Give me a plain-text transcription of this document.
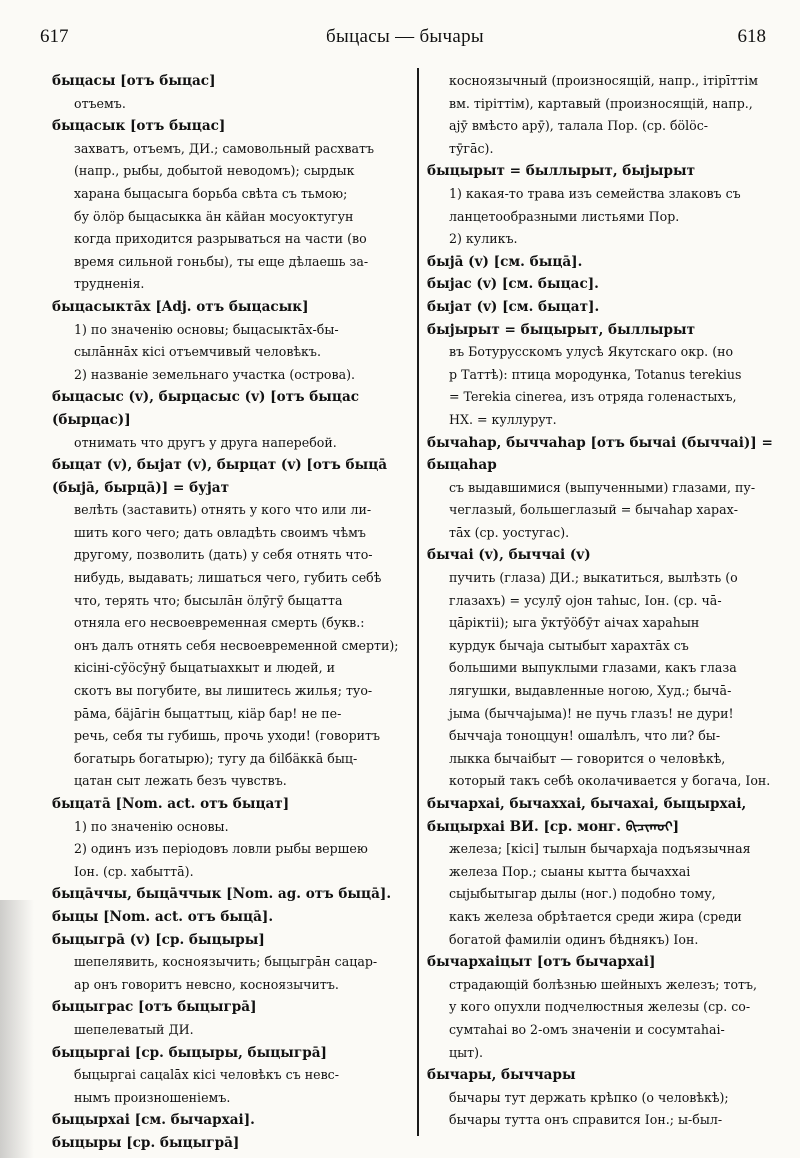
617	быцасы — бычары	618
быцасы [отъ быцас]
отъемъ.
быцасык [отъ быцас]
захватъ, отъемъ, ДИ.; самовольный расхватъ
(напр., рыбы, добытой неводомъ); сырдык
харана быцасыга борьба свѣта съ тьмою;
бу öлöр быцасыкка ӓн кäйан мосуоктугун
когда приходится разрываться на части (во
время сильной гоньбы), ты еще дѣлаешь за-
трудненія.
быцасыктāх [Adj. отъ быцасык]
1) по значенію основы; быцасыктāх-бы-
сылāннāх кісі отъемчивый человѣкъ.
2) названіе земельнаго участка (острова).
быцасыс (v), бырцасыс (v) [отъ быцас (бырцас)]
отнимать что другъ у друга наперебой.
быцат (v), быjат (v), бырцат (v) [отъ быцā (быjā, бырцā)] = буjат
велѣть (заставить) отнять у кого что или ли-
шить кого чего; дать овладѣть своимъ чѣмъ
другому, позволить (дать) у себя отнять что-
нибудь, выдавать; лишаться чего, губить себѣ
что, терять что; бысылāн öлӯгӯ быцатта
отняла его несвоевременная смерть (букв.:
онъ далъ отнять себя несвоевременной смерти);
кісіні-сӯöсӯнӯ быцатыахкыт и людей, и
скотъ вы погубите, вы лишитесь жилья; туо-
рāма, бäjāгін быцаттыц, кіäр бар! не пе-
речь, себя ты губишь, прочь уходи! (говоритъ
богатырь богатырю); тугу да біlбäккā быц-
цатан сыт лежать безъ чувствъ.
быцатā [Nom. act. отъ быцат]
1) по значенію основы.
2) одинъ изъ періодовъ ловли рыбы вершею
Іон. (ср. хабыттā).
быцāччы, быцāччык [Nom. ag. отъ быцā].
быцы [Nom. act. отъ быцā].
быцыгрā (v) [ср. быцыры]
шепелявить, косноязычить; быцыгрāн сацар-
ар онъ говоритъ невсно, косноязычитъ.
быцыграс [отъ быцыгрā]
шепелеватый ДИ.
быцыргаі [ср. быцыры, быцыгрā]
быцыргаі сацаlāх кісі человѣкъ съ невс-
нымъ произношеніемъ.
быцырхаі [см. бычархаі].
быцыры [ср. быцыгрā]
косноязычный (произносящій, напр., ітірīттім
вм. тіріттім), картавый (произносящій, напр.,
аjӯ вмѣсто арӯ), талала Пор. (ср. бölöс-
тӯгāс).
быцырыт = быллырыт, быjырыт
1) какая-то трава изъ семейства злаковъ съ
ланцетообразными листьями Пор.
2) куликъ.
быjā (v) [см. быцā].
быjас (v) [см. быцас].
быjат (v) [см. быцат].
быjырыт = быцырыт, быллырыт
въ Ботурусскомъ улусѣ Якутскаго окр. (но
р Таттѣ): птица мородунка, Totanus terekius
= Terekia cinerea, изъ отряда голенастыхъ,
НХ. = куллурут.
бычаhар, быччаhар [отъ бычаі (быччаі)] = быцаhар
съ выдавшимися (выпученными) глазами, пу-
чеглазый, большеглазый = бычаhар харах-
тāх (ср. уостугас).
бычаі (v), быччаі (v)
пучить (глаза) ДИ.; выкатиться, вылѣзть (о
глазахъ) = усулӯ оjон таhыс, Іон. (ср. чā-
цāріктіі); ыга ӯктӯöбӯт аічах хараhын
курдук бычаjа сытыбыт харахтāх съ
большими выпуклыми глазами, какъ глаза
лягушки, выдавленные ногою, Худ.; бычā-
jыма (быччаjыма)! не пучь глазъ! не дури!
быччаjа тоноццун! ошалѣлъ, что ли? бы-
лыкка бычаібыт — говорится о человѣкѣ,
который такъ себѣ околачивается у богача, Іон.
бычархаі, бычаххаі, бычахаі, быцырхаі, быцырхаі ВИ. [ср. монг. ᠪᠢᠴᠢᠬᠤᠶ]
железа; [кісі] тылын бычархаjа подъязычная
железа Пор.; сыаны кытта бычаххаі
сыjыбытыгар дылы (ног.) подобно тому,
какъ железа обрѣтается среди жира (среди
богатой фамиліи одинъ бѣднякъ) Іон.
бычархаіцыт [отъ бычархаі]
страдающій болѣзнью шейныхъ железъ; тотъ,
у кого опухли подчелюстныя железы (ср. со-
сумтаhаі во 2-омъ значеніи и сосумтаhаі-
цыт).
бычары, быччары
бычары тут держать крѣпко (о человѣкѣ);
бычары тутта онъ справится Іон.; ы-был-
